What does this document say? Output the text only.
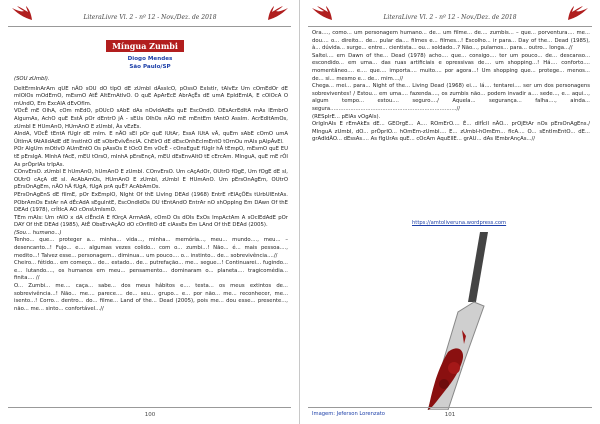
LiteraLivre Vl. 2 - nº 12 - Nov./Dez. de 2018
Míngua Zumbi
Diogo Mendes
São Paulo/SP

(SOU zUmbI).

DeltErmInArAm qUE nÃO sOU dO tIpO dE zUmbI dÁssIcO, pOssO ExIstIr, tAlvEz Um cOmEdOr dE mIOlOs mOdErnO, mEsmO AtÉ AltErnAtIvO. O quE ApArEcE AbrAçÊs dE umA EpIdEmIA, E cOlOcA O mUndO, Em ExcAlA dEvOfIm.

VOcÊ mE OlhA, cOm mEdO, pOUcO sAbE dAs nOvIdAdEs quE EscOndO. DEsAcrEdItA mAs lEmbrO AlgumAs, AchO quE EstÁ pOr dEntrO jÁ - sEUs OlhOs nÃO mE mEntEm tAntO AssIm. AcrEdItAmOs, zUmbI E HUmAnO, HUmAnO E zUmbI, Às vEzEs.

AIndA, VOcÊ tEntA fUgIr dE mIm. E nÃO sEI pOr quE lUtAr, EssA lUtA vÃ, quEm sAbE cOmO umA ÚltImA fAtAlIdAdE dE InstIntO dE sObrEvIvÊncIA. ChEIrO dE dEscOnhEcImEntO tOrnOu mAIs pAlpÁvEl.

POr AlgUm mOtIvO AUmEntO Os pAssOs E tOcO Em vOcÊ - cOnsEguE fUgIr hÁ tEmpO, mEsmO quE EU tE pErsIgA. MInhA fAcE, mEU tOrsO, mInhA pErsEnçA, mEU dEsEnvAltO tE cErcAm. MInguA, quE mE rÓI As prÓprIAs trIpAs.

COnvErsO. zUmbI E hUmAnO, hUmAnO E zUmbI. COnvErsO. Um cAçAdOr, OUtrO fOgE, Um fOgE dE sI, OUtrO cAçA dE sI. AcAbAmOs, HUmAnO E zUmbI, zUmbI E HUmAnO. Um pErsOnAgEm, OUtrO pErsOnAgEm, nÃO hÁ fUgA, fUgA prA quÊ? AcAbAmOs.

PErsOnAgEnS dE fIlmE, pOr ExEmplO, NIght Of thE LIvIng DEAd (1968) EntrE rElAçÕEs tUrbUlEntAs. PObrAmOs EstAr nA dÉcAdA sEguIntE, EscOndIdOs OU tEntAndO EntrAr nO shOppIng Em DAwn Of thE DEAd (1978), crÍtIcA AO cOnsUmIsmO.

TEm mAIs: Um rAIO x dA cIÊncIA E fOrçA ArmAdA, cOmO Os dOIs ExOs ImpActAm A sOcIEdAdE pOr DAY Of thE DEAd (1985), AtÉ ObsErvAçÃO dO cOnflItO dE clAssEs Em LAnd Of thE DEAd (2005).

(Sou... humano...)

Tenho... que... proteger a... minha... vida..., minha... memória..., meu... mundo...., meu... – desencanto...! Fujo... e.... algumas vezes colido... com o... zumbi...! Não... é... mais pessoa...., medito...! Talvez esse... personagem... diminua... um pouco.... o... instinto... de... sobrevivência....//

Cheiro... fétido... em começo... de... estado... de... putrefação... me... segue...! Continuarei... fugindo... e... lutando...., os humanos em meu... pensamento... dominaram o... planeta.... tragicomédia... finita.... //

O... Zumbi... me.... caça... sabe... dos meus hábitos e.... testa... os meus extintos de... sobrevivência...! Não... me.... parece.... de... seu... grupo... e... por não... me... reconhecer, me... isento...! Corro... dentro... do... filme... Land of the... Dead (2005), pois me... dou esse... presente..., não... me... sinto... confortável...//

100
LiteraLivre Vl. 2 - nº 12 - Nov./Dez. de 2018

Ora...., como... um personagem humano... de... um filme... de.... zumbis... – que... porventura.... me... dou.... o... direito... de... pular da.... filmes e... filmes...! Escolho... ir para... Day of the... Dead (1985), à... dúvida... surge... entre... cientista... ou... soldado...? Não..., pulamos... para... outro... longa...//

Saltei.... em Dawn of the... Dead (1978) acho.... que... consigo.... ter um pouco... de... descanso... escondido... em uma... das ruas artificiais e opressivas de.... um shopping...! Há.... conforto.... momentâneo.... e.... que.... importa.... muito.... por agora...! Um shopping que... protege... menos... de... si... mesmo e... de... mim....//

Chega... mei... para... Night of the... Living Dead (1968) ei.... lá.... tentarei.... ser um dos personagens sobreviventes! / Estou... em uma.... fazenda...., os zumbis não... podem invadir a.... sede..., e... aqui..., algum tempo... estou.... seguro..../ Aquela... segurança... falha...., ainda... segura...........................................................................//

(RESpIrE... pElAs vOgAIs).

OrIgInAIs E rEmAkEs dE... GEOrgE... A.... ROmErO.... É... dIfÍcIl nÃO... prOjEtAr nOs pErsOnAgEns./ MInguA zUmbI, dO... prÓprIO... hOmEm-zUmbI.... E... zUmbI-hOmEm... fIcA.... O... sEntImEntO... dE... grAdIdÃO... dEssAs.... As fIgUrAs quE... cOcAm AquEllE... grAU... dAs lEmbrAnçAs...//

https://amtoliveruna.wordpress.com
Imagem: Jeferson Lorenzato	101
